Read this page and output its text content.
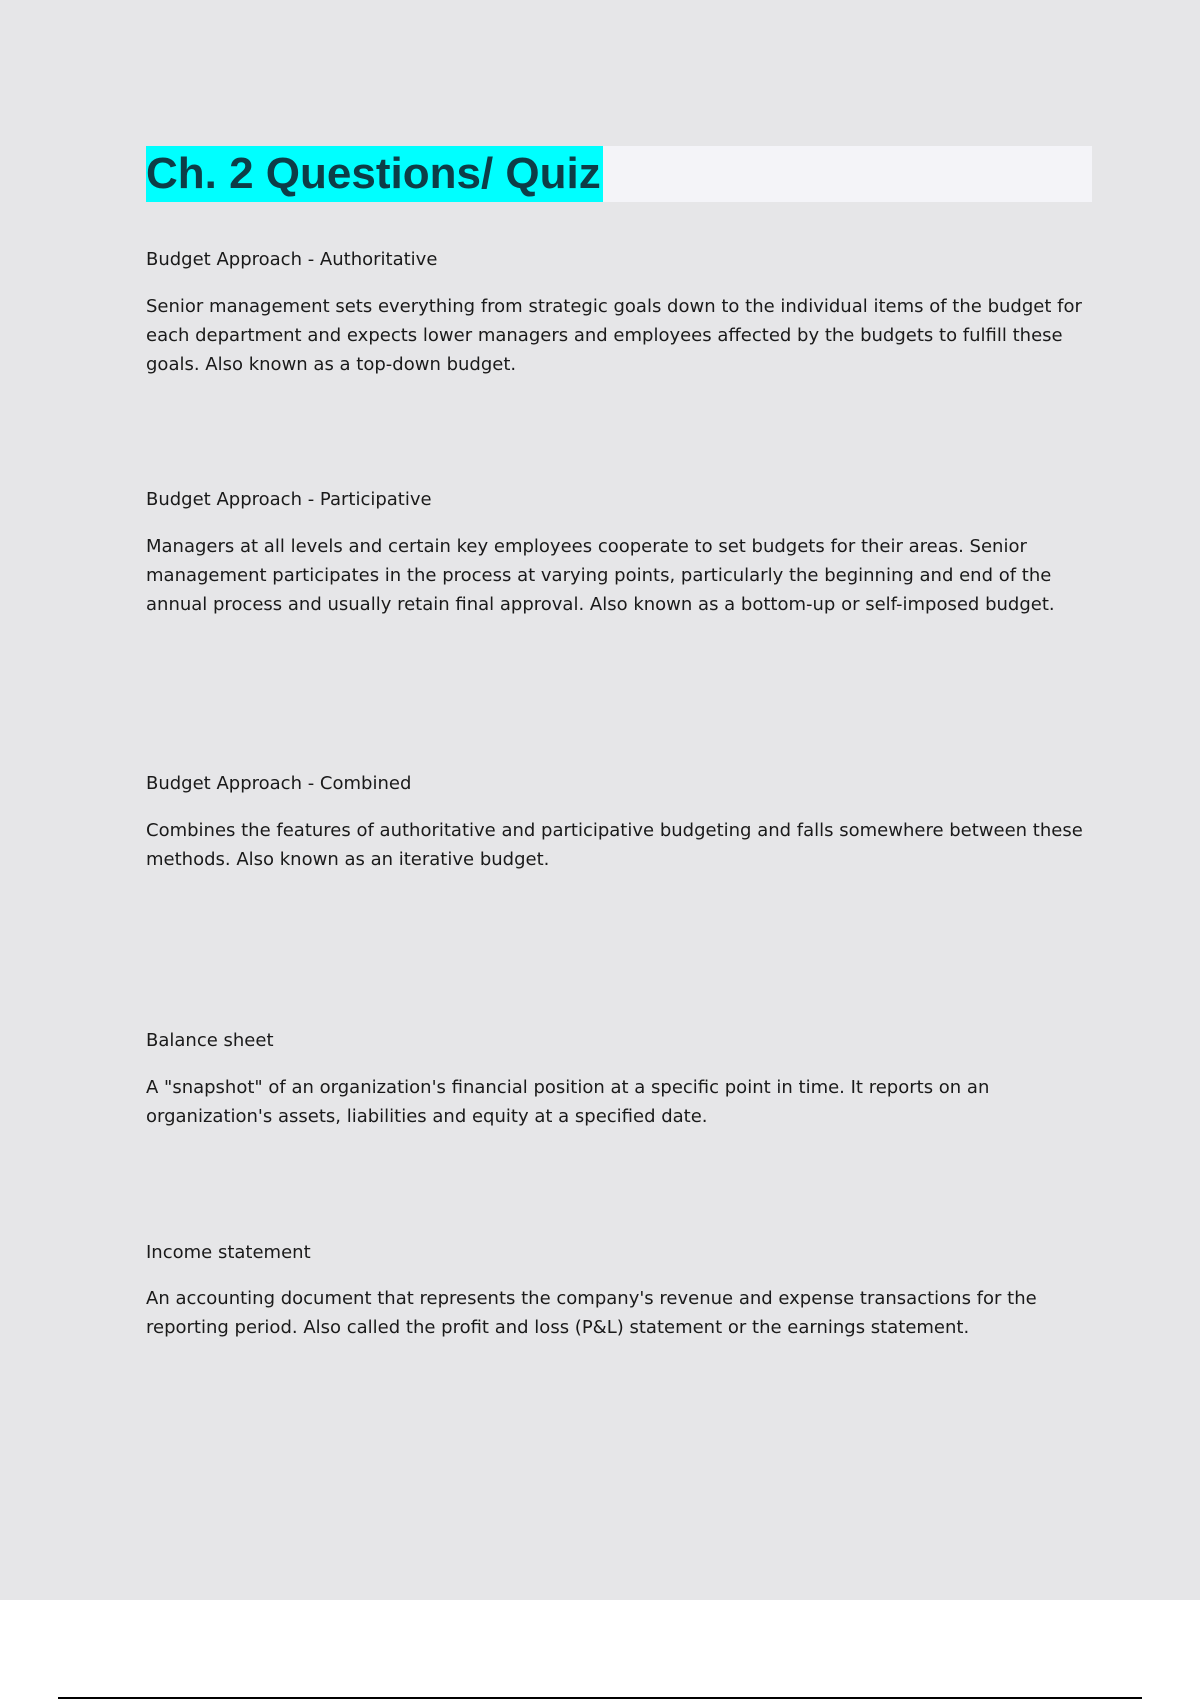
Ch. 2 Questions/ Quiz
Budget Approach - Authoritative
Senior management sets everything from strategic goals down to the individual items of the budget for each department and expects lower managers and employees affected by the budgets to fulfill these goals. Also known as a top-down budget.
Budget Approach - Participative
Managers at all levels and certain key employees cooperate to set budgets for their areas. Senior management participates in the process at varying points, particularly the beginning and end of the annual process and usually retain final approval. Also known as a bottom-up or self-imposed budget.
Budget Approach - Combined
Combines the features of authoritative and participative budgeting and falls somewhere between these methods. Also known as an iterative budget.
Balance sheet
A "snapshot" of an organization's financial position at a specific point in time. It reports on an organization's assets, liabilities and equity at a specified date.
Income statement
An accounting document that represents the company's revenue and expense transactions for the reporting period. Also called the profit and loss (P&L) statement or the earnings statement.
